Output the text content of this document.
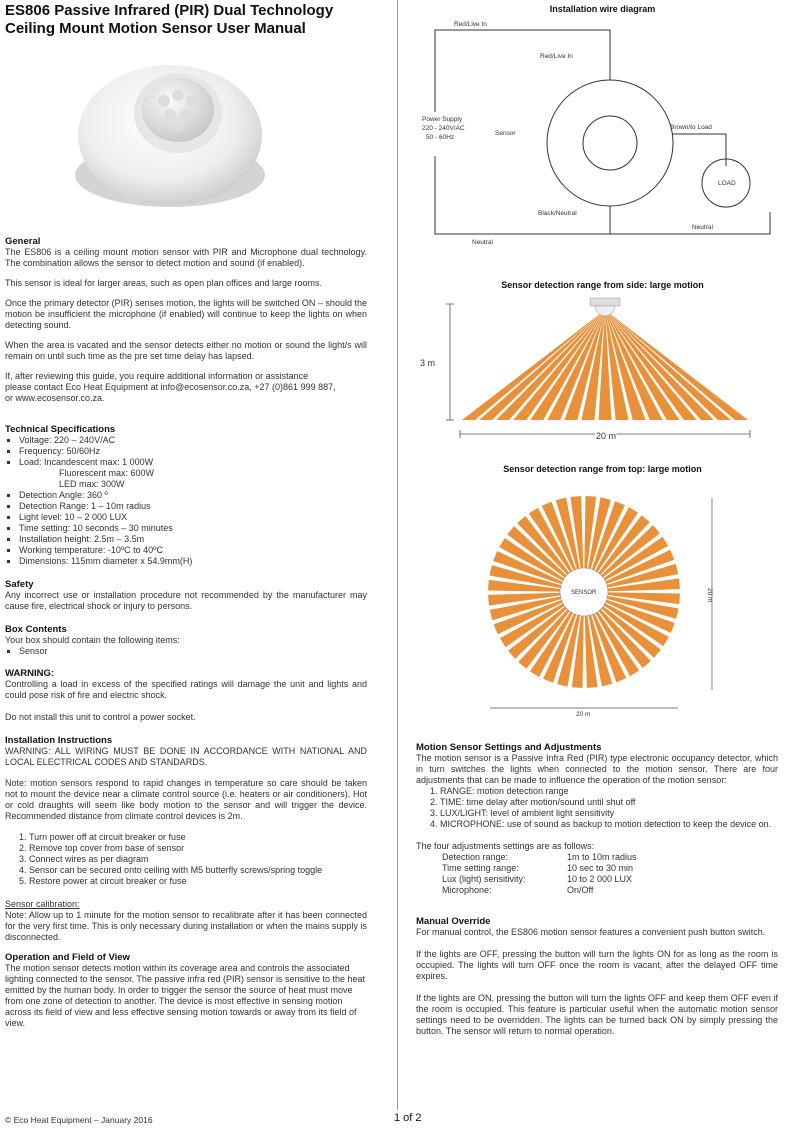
ES806 Passive Infrared (PIR) Dual Technology Ceiling Mount Motion Sensor User Manual
General
The ES806 is a ceiling mount motion sensor with PIR and Microphone dual technology. The combination allows the sensor to detect motion and sound (if enabled).
This sensor is ideal for larger areas, such as open plan offices and large rooms.
Once the primary detector (PIR) senses motion, the lights will be switched ON – should the motion be insufficient the microphone (if enabled) will continue to keep the lights on when detecting sound.
When the area is vacated and the sensor detects either no motion or sound the light/s will remain on until such time as the pre set time delay has lapsed.
If, after reviewing this guide, you require additional information or assistance
please contact Eco Heat Equipment at info@ecosensor.co.za, +27 (0)861 999 887,
or www.ecosensor.co.za.
Technical Specifications
▪ Voltage: 220 – 240V/AC
▪ Frequency: 50/60Hz
▪ Load: Incandescent max: 1 000W
Fluorescent max: 600W
LED max: 300W
▪ Detection Angle: 360 º
▪ Detection Range: 1 – 10m radius
▪ Light level: 10 – 2 000 LUX
▪ Time setting: 10 seconds – 30 minutes
▪ Installation height: 2.5m – 3.5m
▪ Working temperature: -10ºC to 40ºC
▪ Dimensions: 115mm diameter x 54.9mm(H)
Safety
Any incorrect use or installation procedure not recommended by the manufacturer may cause fire, electrical shock or injury to persons.
Box Contents
Your box should contain the following items:
▪ Sensor
WARNING:
Controlling a load in excess of the specified ratings will damage the unit and lights and could pose risk of fire and electric shock.
Do not install this unit to control a power socket.
Installation Instructions
WARNING: ALL WIRING MUST BE DONE IN ACCORDANCE WITH NATIONAL AND LOCAL ELECTRICAL CODES AND STANDARDS.
Note: motion sensors respond to rapid changes in temperature so care should be taken not to mount the device near a climate control source (i.e. heaters or air conditioners). Hot or cold draughts will seem like body motion to the sensor and will trigger the device. Recommended distance from climate control devices is 2m.
1. Turn power off at circuit breaker or fuse
2. Remove top cover from base of sensor
3. Connect wires as per diagram
4. Sensor can be secured onto ceiling with M5 butterfly screws/spring toggle
5. Restore power at circuit breaker or fuse
Sensor calibration:
Note: Allow up to 1 minute for the motion sensor to recalibrate after it has been connected for the very first time. This is only necessary during installation or when the mains supply is disconnected.
Operation and Field of View
The motion sensor detects motion within its coverage area and controls the associated lighting connected to the sensor. The passive infra red (PIR) sensor is sensitive to the heat emitted by the human body. In order to trigger the sensor the source of heat must move from one zone of detection to another. The device is most effective in sensing motion across its field of view and less effective sensing motion towards or away from its field of view.
Installation wire diagram
Red/Live In
Red/Live In
Power Supply
220 - 240V/AC
50 - 60Hz
Sensor
Brown/to Load
LOAD
Black/Neutral
Neutral
Neutral
Sensor detection range from side: large motion
3 m
20 m
Sensor detection range from top: large motion
SENSOR
20 m
20 m
Motion Sensor Settings and Adjustments
The motion sensor is a Passive Infra Red (PIR) type electronic occupancy detector, which in turn switches the lights when connected to the motion sensor. There are four adjustments that can be made to influence the operation of the motion sensor:
1. RANGE: motion detection range
2. TIME: time delay after motion/sound until shut off
3. LUX/LIGHT: level of ambient light sensitivity
4. MICROPHONE: use of sound as backup to motion detection to keep the device on.
The four adjustments settings are as follows:
Detection range:	1m to 10m radius
Time setting range:	10 sec to 30 min
Lux (light) sensitivity:	10 to 2 000 LUX
Microphone:	On/Off
Manual Override
For manual control, the ES806 motion sensor features a convenient push button switch.
If the lights are OFF, pressing the button will turn the lights ON for as long as the room is occupied. The lights will turn OFF once the room is vacant, after the delayed OFF time expires.
If the lights are ON, pressing the button will turn the lights OFF and keep them OFF even if the room is occupied. This feature is particular useful when the automatic motion sensor settings need to be overridden. The lights can be turned back ON by simply pressing the button. The sensor will return to normal operation.
© Eco Heat Equipment – January 2016	1 of 2
